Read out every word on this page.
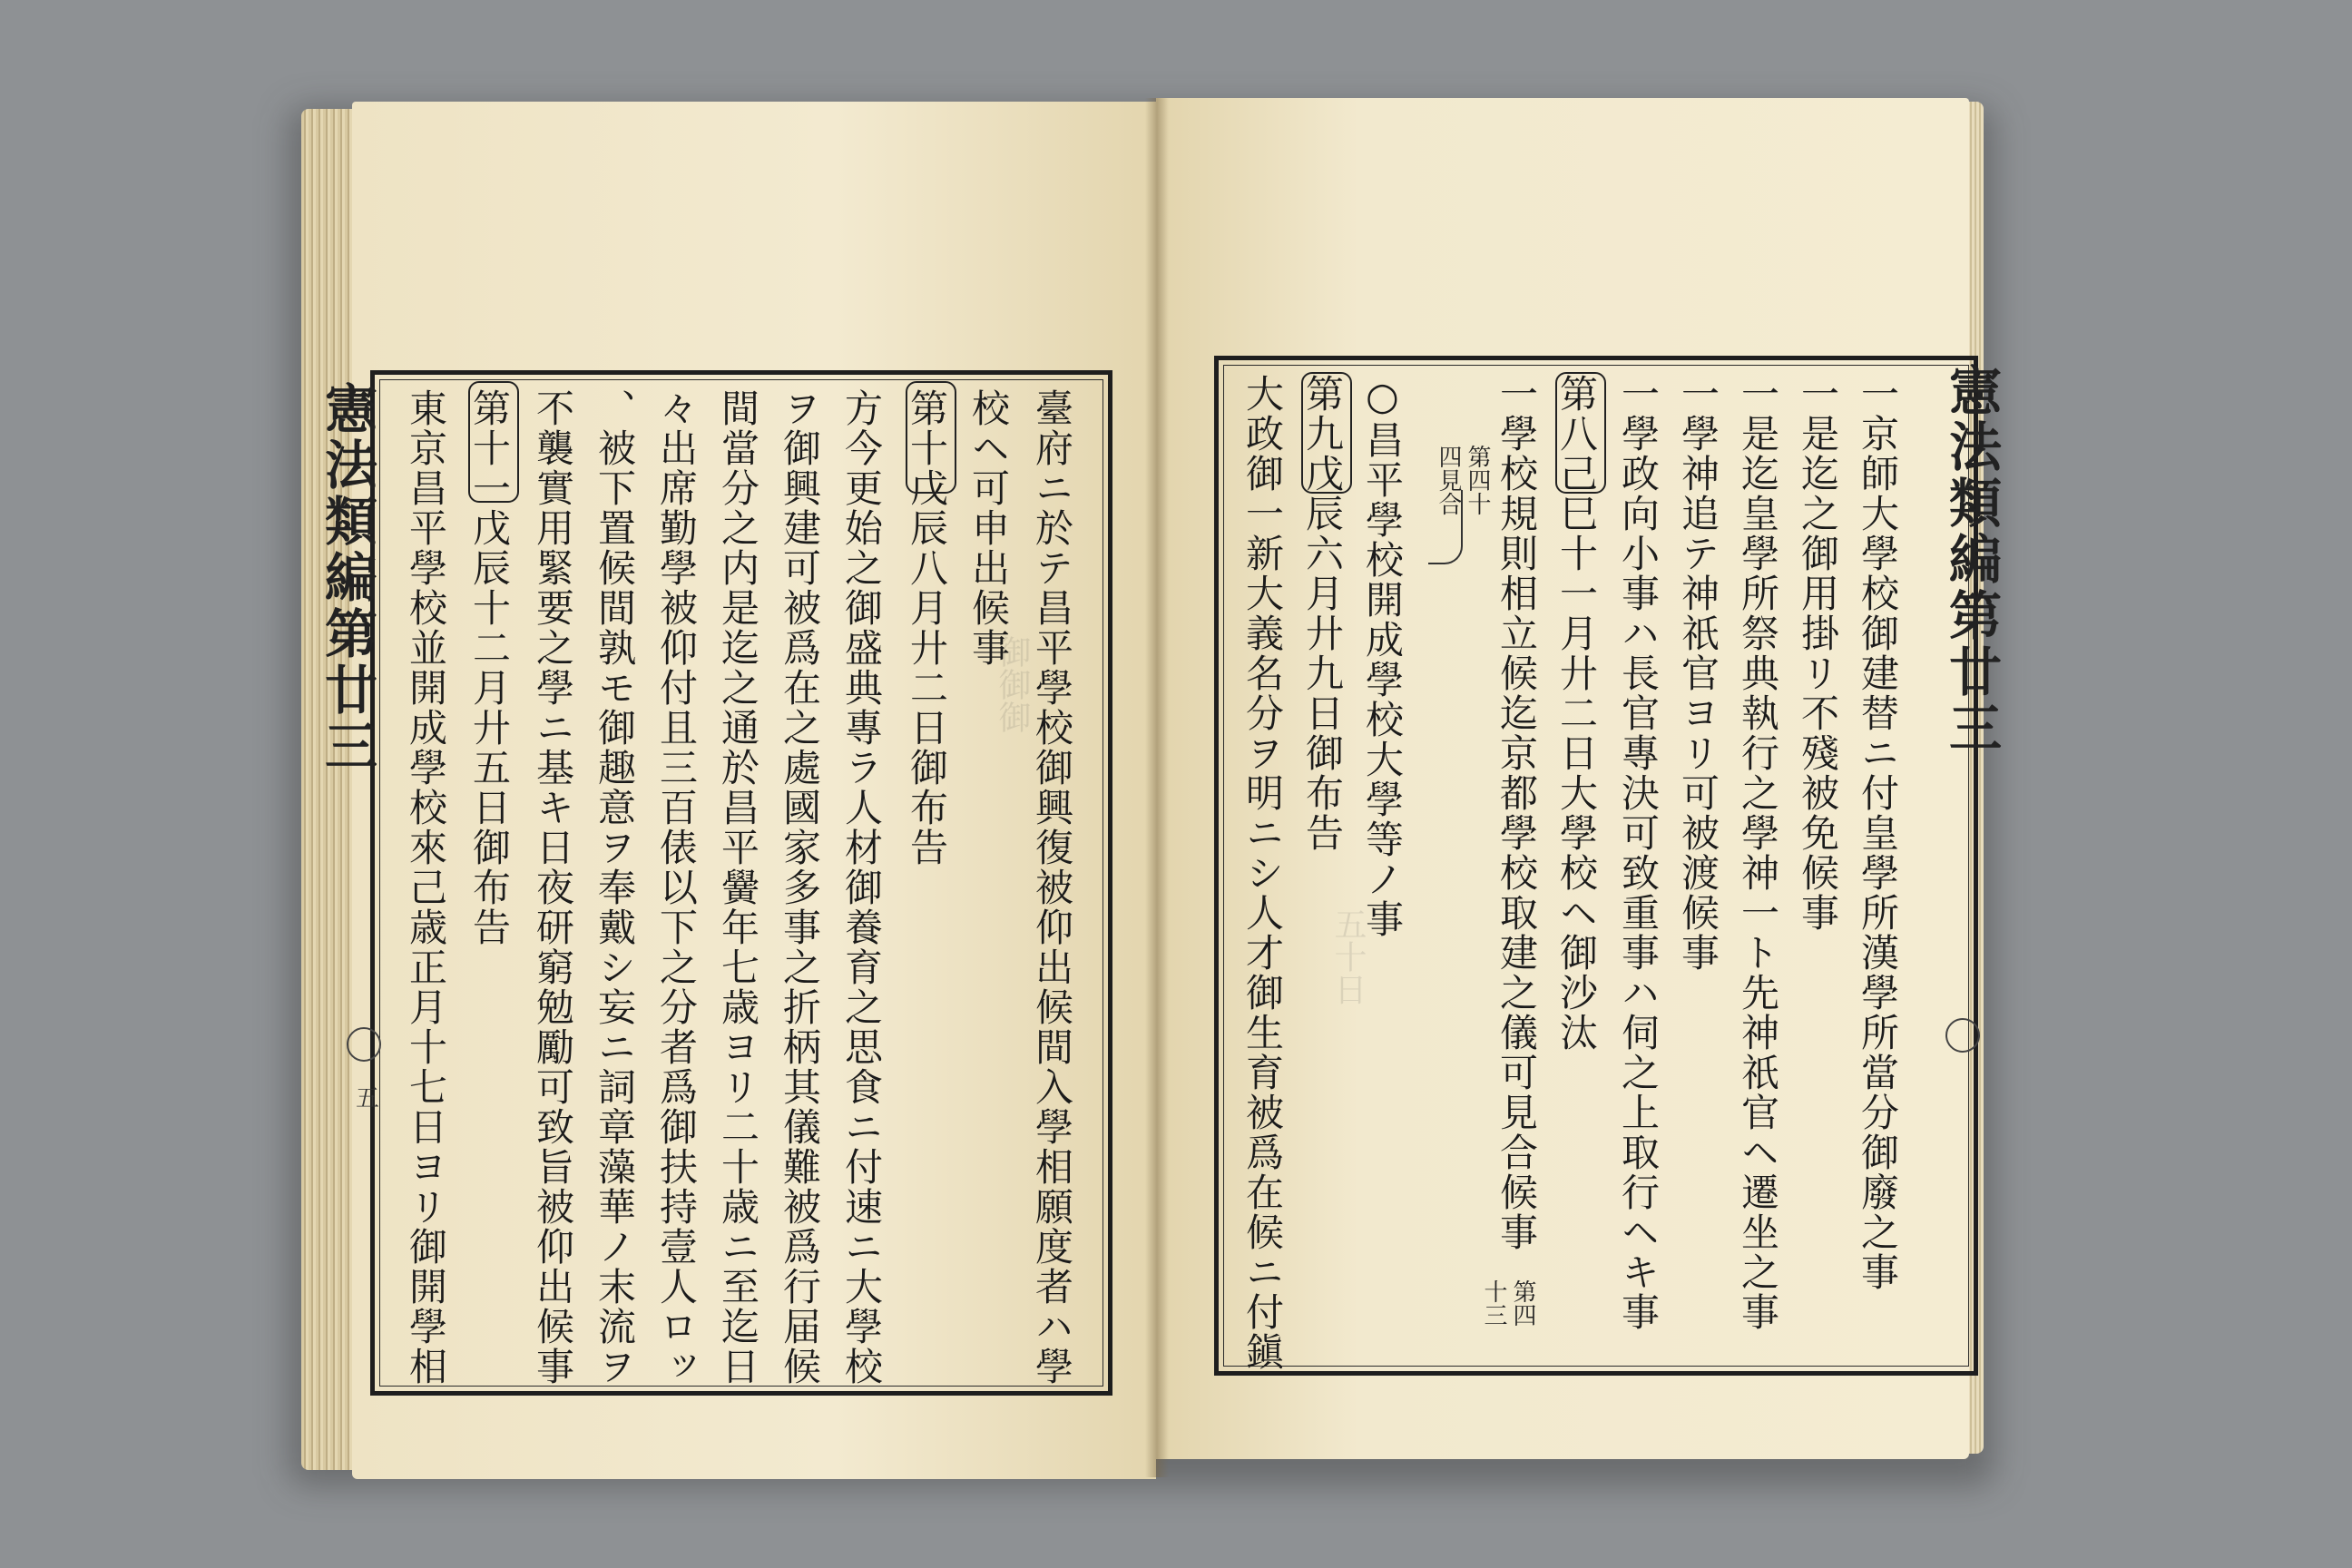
御御御
五十日
憲法類編第廿三
五 東京昌平學校並開成學校來己歳正月十七日ヨリ御開學相 第十一戊辰十二月廾五日御布告 不襲實用緊要之學ニ基キ日夜研窮勉勵可致旨被仰出候事 、被下置候間孰モ御趣意ヲ奉戴シ妄ニ詞章藻華ノ末流ヲ 々出席勤學被仰付且三百俵以下之分者爲御扶持壹人ロッ 間當分之内是迄之通於昌平黌年七歳ヨリ二十歳ニ至迄日 ヲ御興建可被爲在之處國家多事之折柄其儀難被爲行届候 方今更始之御盛典專ラ人材御養育之思食ニ付速ニ大學校 第十戊辰八月廾二日御布告 校ヘ可申出候事 臺府ニ於テ昌平學校御興復被仰出候間入學相願度者ハ學	憲法類編第廿三
一京師大學校御建替ニ付皇學所漢學所當分御廢之事
一是迄之御用掛リ不殘被免候事
一是迄皇學所祭典執行之學神一ト先神祇官ヘ遷坐之事
一學神追テ神祇官ヨリ可被渡候事
一學政向小事ハ長官專決可致重事ハ伺之上取行ヘキ事
第八己巳十一月廾二日大學校ヘ御沙汰
一學校規則相立候迄京都學校取建之儀可見合候事
○昌平學校開成學校大學等ノ事
第九戊辰六月廾九日御布告
大政御一新大義名分ヲ明ニシ人才御生育被爲在候ニ付鎭	第四十
四見合
第四
十三
